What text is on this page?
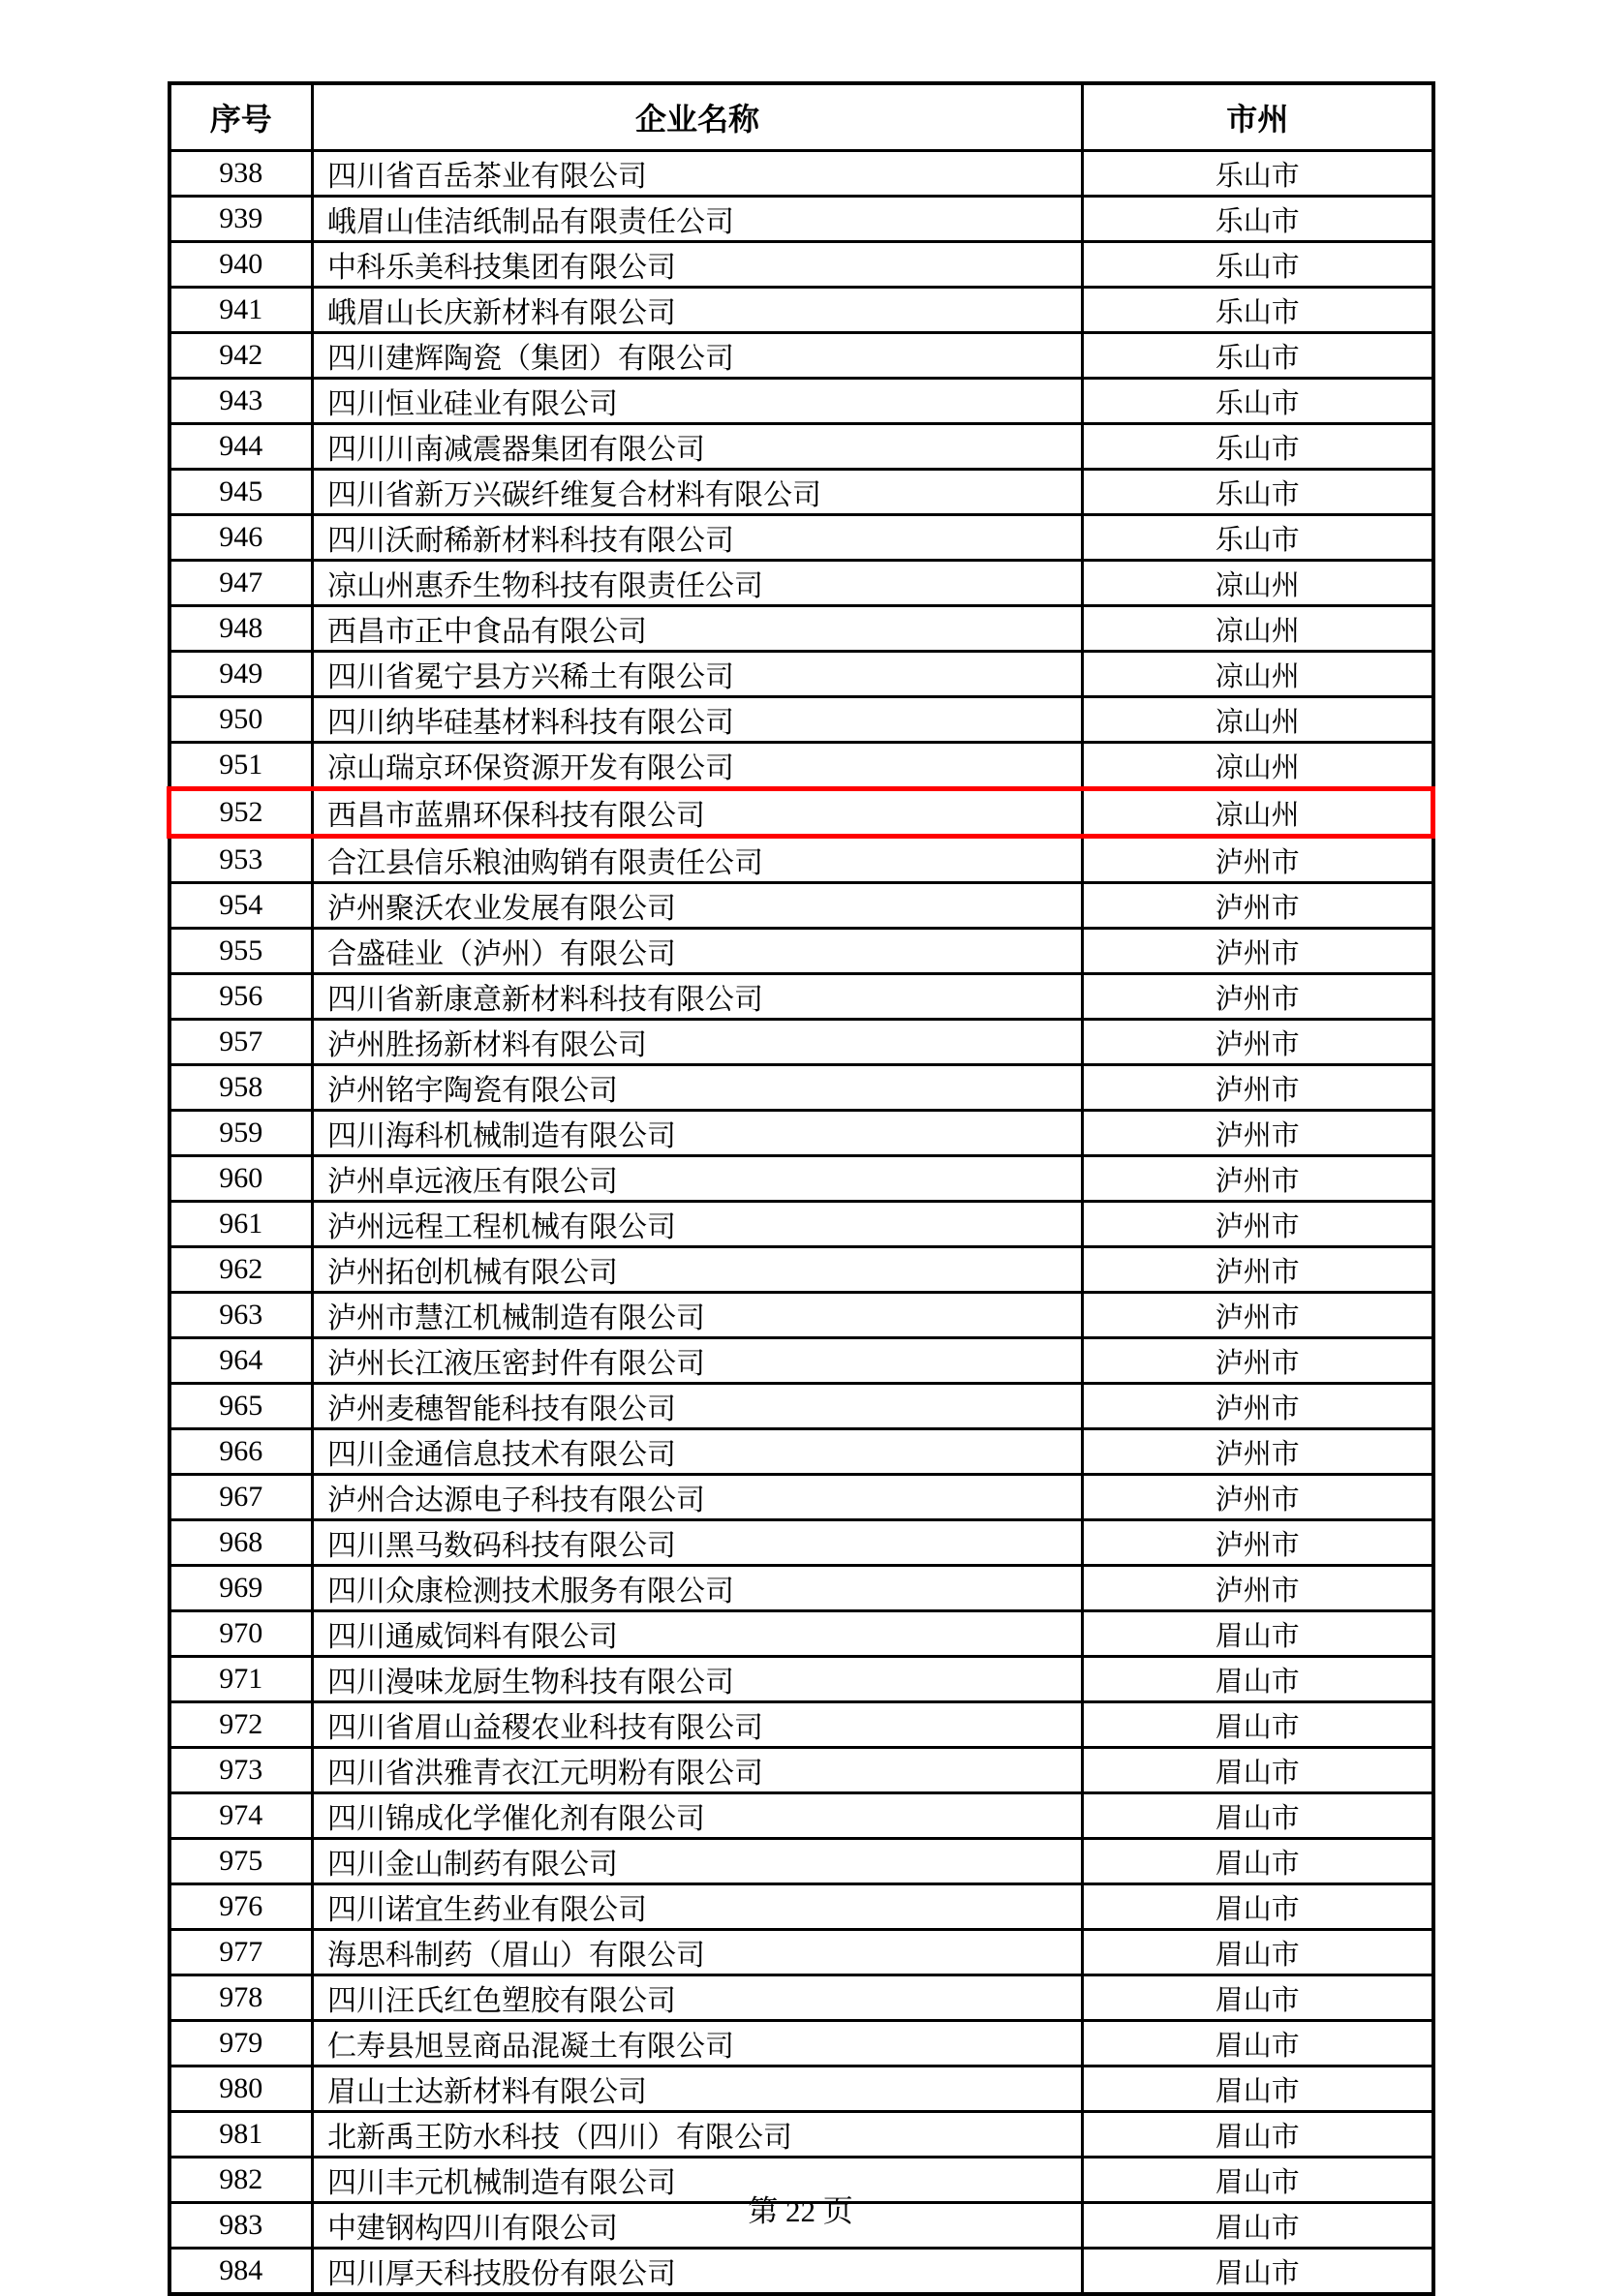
序号	企业名称	市州
938	四川省百岳茶业有限公司	乐山市
939	峨眉山佳洁纸制品有限责任公司	乐山市
940	中科乐美科技集团有限公司	乐山市
941	峨眉山长庆新材料有限公司	乐山市
942	四川建辉陶瓷（集团）有限公司	乐山市
943	四川恒业硅业有限公司	乐山市
944	四川川南减震器集团有限公司	乐山市
945	四川省新万兴碳纤维复合材料有限公司	乐山市
946	四川沃耐稀新材料科技有限公司	乐山市
947	凉山州惠乔生物科技有限责任公司	凉山州
948	西昌市正中食品有限公司	凉山州
949	四川省冕宁县方兴稀土有限公司	凉山州
950	四川纳毕硅基材料科技有限公司	凉山州
951	凉山瑞京环保资源开发有限公司	凉山州
952	西昌市蓝鼎环保科技有限公司	凉山州
953	合江县信乐粮油购销有限责任公司	泸州市
954	泸州聚沃农业发展有限公司	泸州市
955	合盛硅业（泸州）有限公司	泸州市
956	四川省新康意新材料科技有限公司	泸州市
957	泸州胜扬新材料有限公司	泸州市
958	泸州铭宇陶瓷有限公司	泸州市
959	四川海科机械制造有限公司	泸州市
960	泸州卓远液压有限公司	泸州市
961	泸州远程工程机械有限公司	泸州市
962	泸州拓创机械有限公司	泸州市
963	泸州市慧江机械制造有限公司	泸州市
964	泸州长江液压密封件有限公司	泸州市
965	泸州麦穗智能科技有限公司	泸州市
966	四川金通信息技术有限公司	泸州市
967	泸州合达源电子科技有限公司	泸州市
968	四川黑马数码科技有限公司	泸州市
969	四川众康检测技术服务有限公司	泸州市
970	四川通威饲料有限公司	眉山市
971	四川漫味龙厨生物科技有限公司	眉山市
972	四川省眉山益稷农业科技有限公司	眉山市
973	四川省洪雅青衣江元明粉有限公司	眉山市
974	四川锦成化学催化剂有限公司	眉山市
975	四川金山制药有限公司	眉山市
976	四川诺宜生药业有限公司	眉山市
977	海思科制药（眉山）有限公司	眉山市
978	四川汪氏红色塑胶有限公司	眉山市
979	仁寿县旭昱商品混凝土有限公司	眉山市
980	眉山士达新材料有限公司	眉山市
981	北新禹王防水科技（四川）有限公司	眉山市
982	四川丰元机械制造有限公司	眉山市
983	中建钢构四川有限公司	眉山市
984	四川厚天科技股份有限公司	眉山市
第 22 页
